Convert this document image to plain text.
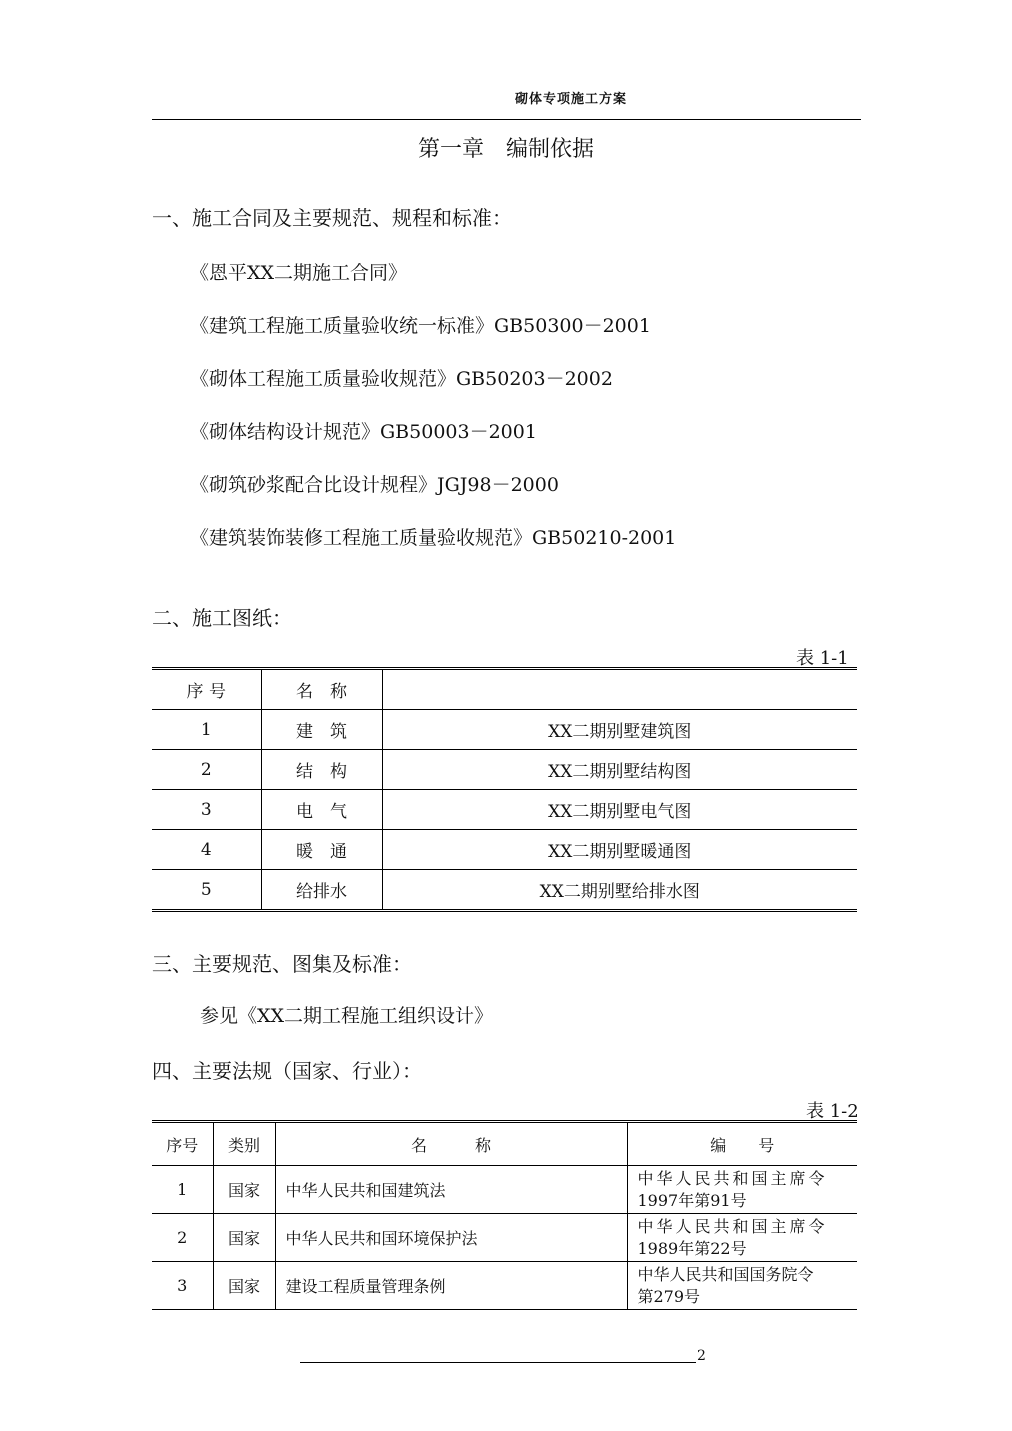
砌体专项施工方案
第一章　编制依据
一、施工合同及主要规范、规程和标准：
《恩平XX二期施工合同》
《建筑工程施工质量验收统一标准》GB50300－2001
《砌体工程施工质量验收规范》GB50203－2002
《砌体结构设计规范》GB50003－2001
《砌筑砂浆配合比设计规程》JGJ98－2000
《建筑装饰装修工程施工质量验收规范》GB50210-2001
二、施工图纸：
表 1-1
序 号	名　称	
1	建　筑	XX二期别墅建筑图
2	结　构	XX二期别墅结构图
3	电　气	XX二期别墅电气图
4	暖　通	XX二期别墅暖通图
5	给排水	XX二期别墅给排水图
三、主要规范、图集及标准：
参见《XX二期工程施工组织设计》
四、主要法规（国家、行业）：
表 1-2
序号	类别	名　　　称	编　　号
1	国家	中华人民共和国建筑法	中华人民共和国主席令
1997年第91号

2	国家	中华人民共和国环境保护法	中华人民共和国主席令
1989年第22号

3	国家	建设工程质量管理条例	中华人民共和国国务院令
第279号
2
